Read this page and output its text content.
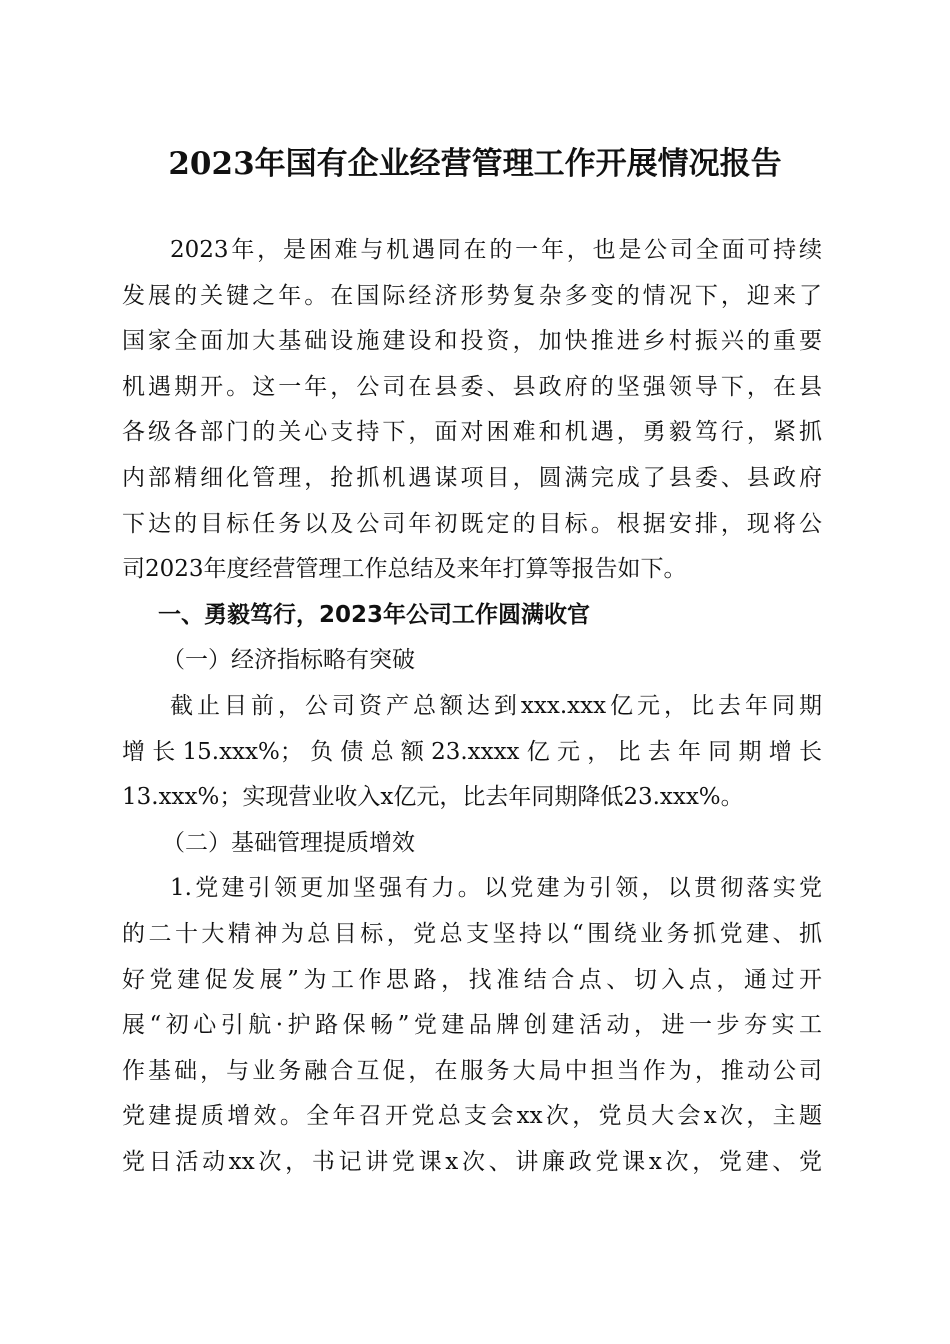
2023年国有企业经营管理工作开展情况报告
2023年，是困难与机遇同在的一年，也是公司全面可持续
发展的关键之年。在国际经济形势复杂多变的情况下，迎来了
国家全面加大基础设施建设和投资，加快推进乡村振兴的重要
机遇期开。这一年，公司在县委、县政府的坚强领导下，在县
各级各部门的关心支持下，面对困难和机遇，勇毅笃行，紧抓
内部精细化管理，抢抓机遇谋项目，圆满完成了县委、县政府
下达的目标任务以及公司年初既定的目标。根据安排，现将公
司2023年度经营管理工作总结及来年打算等报告如下。
一、勇毅笃行，2023年公司工作圆满收官
（一）经济指标略有突破
截止目前，公司资产总额达到xxx.xxx亿元，比去年同期
增长15.xxx%；负债总额23.xxxx亿元，比去年同期增长
13.xxx%；实现营业收入x亿元，比去年同期降低23.xxx%。
（二）基础管理提质增效
1.党建引领更加坚强有力。以党建为引领，以贯彻落实党
的二十大精神为总目标，党总支坚持以“围绕业务抓党建、抓
好党建促发展”为工作思路，找准结合点、切入点，通过开
展“初心引航·护路保畅”党建品牌创建活动，进一步夯实工
作基础，与业务融合互促，在服务大局中担当作为，推动公司
党建提质增效。全年召开党总支会xx次，党员大会x次，主题
党日活动xx次，书记讲党课x次、讲廉政党课x次，党建、党
